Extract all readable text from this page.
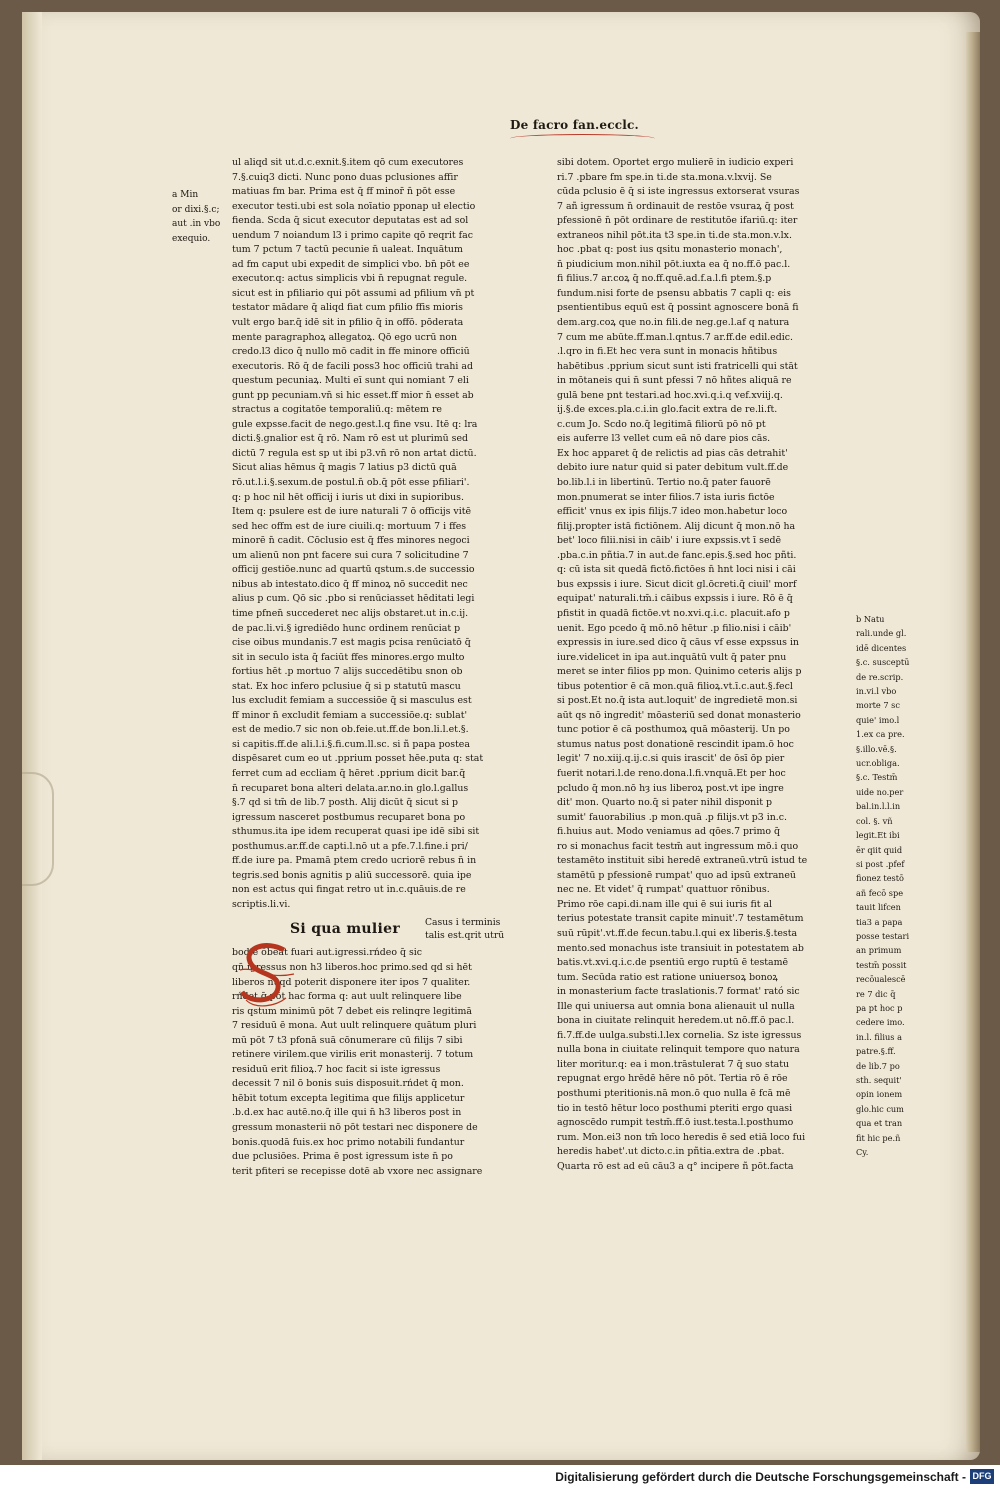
De facro fan.ecclc.
a Min
or dixi.§.c;
aut .in vbo
exequio.
ul aliqd sit ut.d.c.exnit.§.item qō cum executores
7.§.cuiq3 dicti. Nunc pono duas pclusiones affir
matiuas fm bar. Prima est q̄ ff minor̄ n̄ pōt esse
executor testi.ubi est sola noīatio pponap uł electio
fienda. Scda q̄ sicut executor deputatas est ad sol
uendum 7 noiandum l3 i primo capite qō reqrit fac
tum 7 pctum 7 tactū pecunie n̄ ualeat. Inquātum
ad fm caput ubi expedit de simplici vbo. bn̄ pōt ee
executor.q: actus simplicis vbi n̄ repugnat regule.
sicut est in pfiliario qui pōt assumi ad pfilium vn̄ pt
testator mādare q̄ aliqd fiat cum pfilio ffis mioris
vult ergo bar.q̄ idē sit in pfilio q̄ in offō. pōderata
mente paragraphoꝝ allegatoꝝ. Qō ego ucrū non
credo.l3 dico q̄ nullo mō cadit in ffe minore officiū
executoris. Rō q̄ de facili poss3 hoc officiū trahi ad
questum pecuniaꝝ. Multi eī sunt qui nomiant 7 eli
gunt pp pecuniam.vn̄ si hic esset.ff mior n̄ esset ab
stractus a cogitatōe temporaliū.q: mētem re
gule expsse.facit de nego.gest.l.q fine vsu. Itē q: lra
dicti.§.gnalior est q̄ rō. Nam rō est ut plurimū sed
dictū 7 regula est sp ut ibi p3.vn̄ rō non artat dictū.
Sicut alias hēmus q̄ magis 7 latius p3 dictū quā
rō.ut.l.i.§.sexum.de postul.n̄ ob.q̄ pōt esse pfiliari'.
q: p hoc nil hēt officij i iuris ut dixi in supioribus.
Item q: psulere est de iure naturali 7 ō officijs vitē
sed hec offm est de iure ciuili.q: mortuum 7 i ffes
minorē n̄ cadit. Cōclusio est q̄ ffes minores negoci
um alienū non pnt facere sui cura 7 solicitudine 7
officij gestiōe.nunc ad quartū qstum.s.de successio
nibus ab intestato.dico q̄ ff minoꝝ nō succedit nec
alius p cum. Qō sic .pbo si renūciasset hēditati legi
time pfnen̄ succederet nec alijs obstaret.ut in.c.ij.
de pac.li.vi.§ igrediēdo hunc ordinem renūciat p
cise oibus mundanis.7 est magis pcisa renūciatō q̄
sit in seculo ista q̄ faciūt ffes minores.ergo multo
fortius hēt .p mortuo 7 alijs succedētibu snon ob
stat. Ex hoc infero pclusiue q̄ si p statutū mascu
lus excludit femiam a successiōe q̄ si masculus est
ff minor n̄ excludit femiam a successiōe.q: sublat'
est de medio.7 sic non ob.feie.ut.ff.de bon.li.l.et.§.
si capitis.ff.de ali.l.i.§.fi.cum.ll.sc. si ñ papa postea
dispēsaret cum eo ut .pprium posset hēe.puta q: stat
ferret cum ad eccliam q̄ hēret .pprium dicit bar.q̄
n̄ recuparet bona alteri delata.ar.no.in glo.l.gallus
§.7 qd si tm̄ de lib.7 posth. Alij dicūt q̄ sicut si p
igressum nasceret postbumus recuparet bona po
sthumus.ita ipe idem recuperat quasi ipe idē sibi sit
posthumus.ar.ff.de capti.l.nō ut a pfe.7.l.fine.i pri/
ff.de iure pa. Pmamā ptem credo ucriorē rebus n̄ in
tegris.sed bonis agnitis p aliū successorē. quia ipe
non est actus qui fingat retro ut in.c.quāuis.de re
scriptis.li.vi.
Si qua mulier	Casus i terminis
talis est.qrit utrū
bodie ōbeat fuari aut.igressi.rńdeo q̄ sic
qn̄ igressus non h3 liberos.hoc primo.sed qd si hēt
liberos nūqd poterit disponere iter ipos 7 qualiter.
rńdet q̄ pōt hac forma q: aut uult relinquere libe
ris qstum minimū pōt 7 debet eis relinqre legitimā
7 residuū ē mona. Aut uult relinquere quātum pluri
mū pōt 7 t3 pfonā suā cōnumerare cū filijs 7 sibi
retinere virilem.que virilis erit monasterij. 7 totum
residuū erit filioꝝ.7 hoc facit si iste igressus
decessit 7 nil ō bonis suis disposuit.rńdet q̄ mon.
hēbit totum excepta legitima que filijs applicetur
.b.d.ex hac autē.no.q̄ ille qui n̄ h3 liberos post in
gressum monasterii nō pōt testari nec disponere de
bonis.quodā fuis.ex hoc primo notabili fundantur
due pclusiōes. Prima ē post igressum iste n̄ po
terit pfiteri se recepisse dotē ab vxore nec assignare
sibi dotem. Oportet ergo mulierē in iudicio experi
ri.7 .pbare fm spe.in ti.de sta.mona.v.lxvij. Se
cūda pclusio ē q̄ si iste ingressus extorserat vsuras
7 añ igressum n̄ ordinauit de restōe vsuraꝝ q̄ post
pfessionē n̄ pōt ordinare de restitutōe ifariū.q: iter
extraneos nihil pōt.ita t3 spe.in ti.de sta.mon.v.lx.
hoc .pbat q: post ius qsitu monasterio monach',
n̄ piudicium mon.nihil pōt.iuxta ea q̄ no.ff.ō pac.l.
fi filius.7 ar.coꝝ q̄ no.ff.quē.ad.f.a.l.fi ptem.§.p
fundum.nisi forte de psensu abbatis 7 capli q: eis
psentientibus equū est q̄ possint agnoscere bonā fi
dem.arg.coꝝ que no.in fili.de neg.ge.l.af q natura
7 cum me abūte.ff.man.l.qntus.7 ar.ff.de edil.edic.
.l.qro in fi.Et hec vera sunt in monacis hñtibus
habētibus .pprium sicut sunt isti fratricelli qui stāt
in mōtaneis qui n̄ sunt pfessi 7 nō hñtes aliquā re
gulā bene pnt testari.ad hoc.xvi.q.i.q vef.xviij.q.
ij.§.de exces.pla.c.i.in glo.facit extra de re.li.ft.
c.cum Jo. Scdo no.q̄ legitimā filiorū pō nō pt
eis auferre l3 vellet cum eā nō dare pios cās.
Ex hoc apparet q̄ de relictis ad pias cās detrahit'
debito iure natur quid si pater debitum vult.ff.de
bo.lib.l.i in libertinū. Tertio no.q̄ pater fauorē
mon.pnumerat se inter filios.7 ista iuris fictōe
efficit' vnus ex ipis filijs.7 ideo mon.habetur loco
filij.propter istā fictiōnem. Alij dicunt q̄ mon.nō ha
bet' loco filii.nisi in cāib' i iure expssis.vt ī sedē
.pba.c.in pñtia.7 in aut.de fanc.epis.§.sed hoc pñti.
q: cū ista sit quedā fictō.fictōes n̄ hnt loci nisi i cāi
bus expssis i iure. Sicut dicit gl.ōcreti.q̄ ciuil' morf
equipat' naturali.tm̄.i cāibus expssis i iure. Rō ē q̄
pfistit in quadā fictōe.vt no.xvi.q.i.c. placuit.afo p
uenit. Ego pcedo q̄ mō.nō hētur .p filio.nisi i cāib'
expressis in iure.sed dico q̄ cāus vf esse expssus in
iure.videlicet in ipa aut.inquātū vult q̄ pater pnu
meret se inter filios pp mon. Quinimo ceteris alijs p
tibus potentior ē cā mon.quā filioꝝ.vt.ī.c.aut.§.fecl
si post.Et no.q̄ ista aut.loquit' de ingredietē mon.si
aūt qs nō ingredit' mōasteriū sed donat monasterio
tunc potior ē cā posthumoꝝ quā mōasterij. Un po
stumus natus post donationē rescindit ipam.ō hoc
legit' 7 no.xiij.q.ij.c.si quis irascit' de ōsī ōp pier
fuerit notari.l.de reno.dona.l.fi.vnquā.Et per hoc
pcludo q̄ mon.nō hȝ ius liberoꝝ post.vt ipe ingre
dit' mon. Quarto no.q̄ si pater nihil disponit p
sumit' fauorabilius .p mon.quā .p filijs.vt p3 in.c.
fi.huius aut. Modo veniamus ad qōes.7 primo q̄
ro si monachus facit testm̄ aut ingressum mō.i quo
testamēto instituit sibi heredē extraneū.vtrū istud te
stamētū p pfessionē rumpat' quo ad ipsū extraneū
nec ne. Et videt' q̄ rumpat' quattuor rōnibus.
Primo rōe capi.di.nam ille qui ē sui iuris fit al
terius potestate transit capite minuit'.7 testamētum
suū rūpit'.vt.ff.de fecun.tabu.l.qui ex liberis.§.testa
mento.sed monachus iste transiuit in potestatem ab
batis.vt.xvi.q.i.c.de psentiū ergo ruptū ē testamē
tum. Secūda ratio est ratione uniuersoꝝ bonoꝝ
in monasterium facte traslationis.7 format' rató sic
Ille qui uniuersa aut omnia bona alienauit ul nulla
bona in ciuitate relinquit heredem.ut nō.ff.ō pac.l.
fi.7.ff.de uulga.substi.l.lex cornelia. Sz iste igressus
nulla bona in ciuitate relinquit tempore quo natura
liter moritur.q: ea i mon.trāstulerat 7 q̄ suo statu
repugnat ergo hrēdē hēre nō pōt. Tertia rō ē rōe
posthumi pteritionis.nā mon.ō quo nulla ē fcā mē
tio in testō hētur loco posthumi pteriti ergo quasi
agnoscēdo rumpit testm̄.ff.ō iust.testa.l.posthumo
rum. Mon.ei3 non tm̄ loco heredis ē sed etiā loco fui
heredis habet'.ut dicto.c.in pñtia.extra de .pbat.
Quarta rō est ad eū cāu3 a q° incipere ñ pōt.facta
b Natu
rali.unde gl.
idē dicentes
§.c. susceptū
de re.scrip.
in.vi.l vbo
morte 7 sc
quie' imo.l
1.ex ca pre.
§.illo.vē.§.
ucr.obliga.
§.c. Testm̄
uide no.per
bal.in.l.l.in
col. §. vñ
legit.Et ibi
ēr qiit quid
si post .pfef
fionez testō
añ fecō spe
tauit lifcen
tia3 a papa
posse testari
an primum
testm̄ possit
recōualescē
re 7 dic q̄
pa pt hoc p
cedere imo.
in.l. filius a
patre.§.ff.
de lib.7 po
sth. sequit'
opin ionem
glo.hic cum
qua et tran
fit hic pe.ñ
Cy.
Digitalisierung gefördert durch die Deutsche Forschungsgemeinschaft - DFG
